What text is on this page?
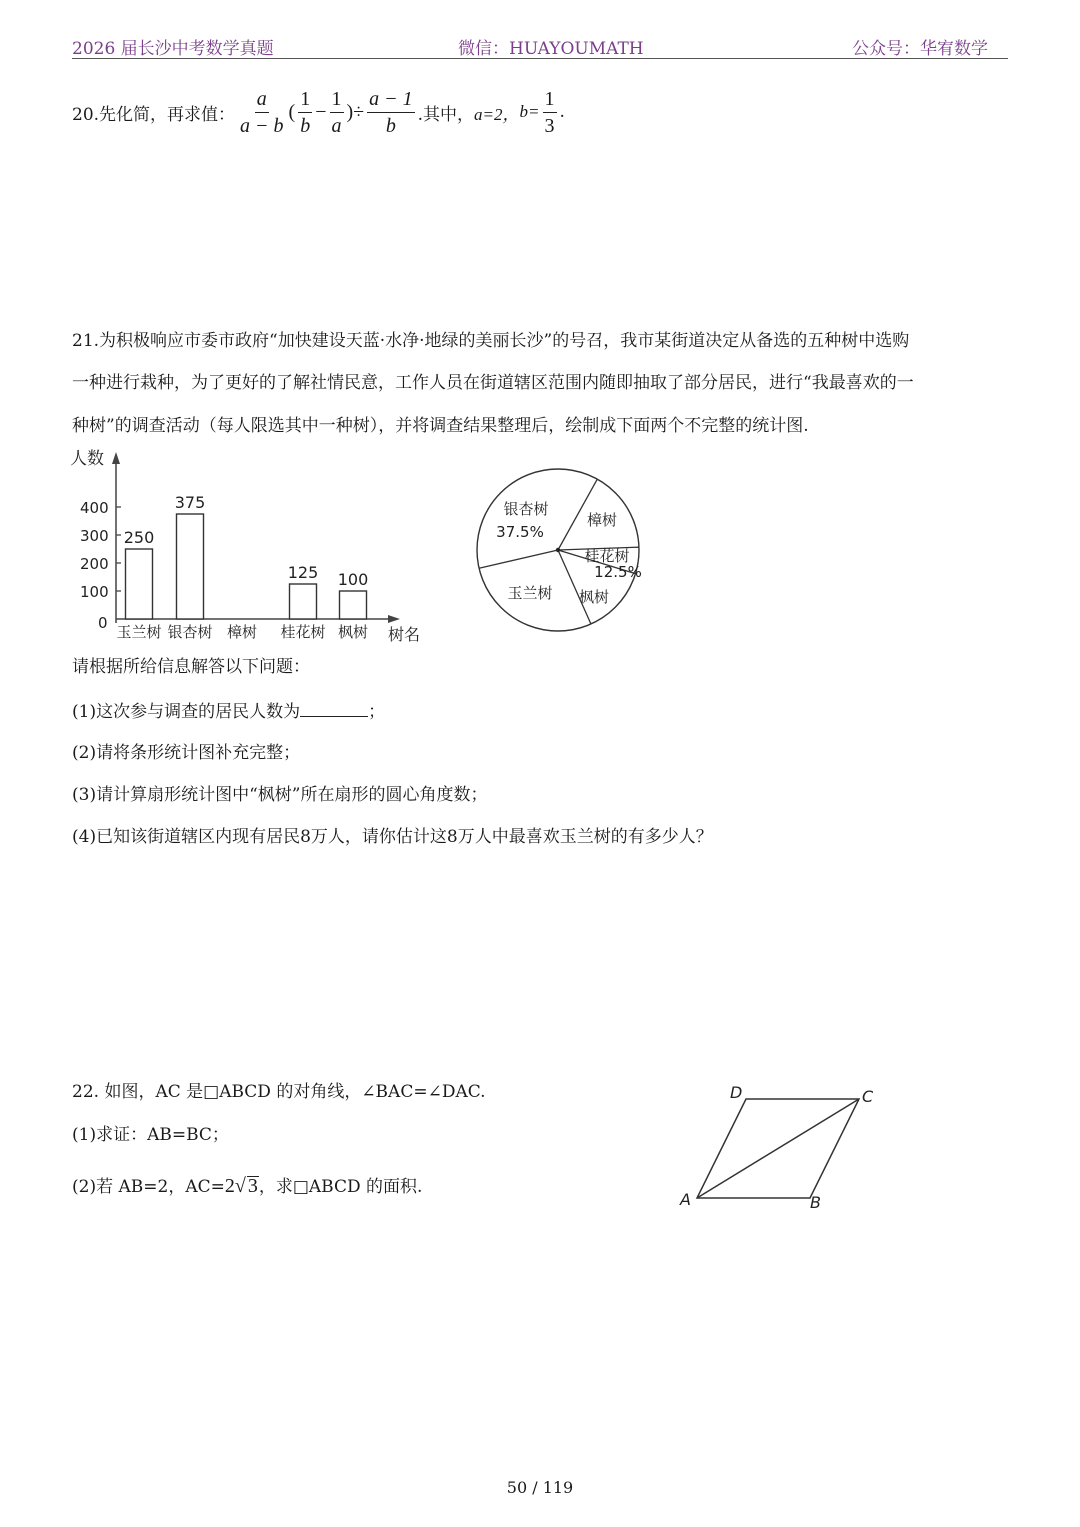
2026 届长沙中考数学真题	微信：HUAYOUMATH	公众号：华宥数学
20.先化简，再求值： $\frac{a}{a - b}$ ( $\frac{1}{b} - \frac{1}{a}$ )÷ $\frac{a - 1}{b}$ .其中， a=2， $b= \frac{1}{3}$ .
21.为积极响应市委市政府“加快建设天蓝·水净·地绿的美丽长沙”的号召，我市某街道决定从备选的五种树中选购
一种进行栽种，为了更好的了解社情民意，工作人员在街道辖区范围内随即抽取了部分居民，进行“我最喜欢的一
种树”的调查活动（每人限选其中一种树），并将调查结果整理后，绘制成下面两个不完整的统计图.
人数
树名
400
300
200
100
0
250
玉兰树
375
银杏树 樟树
125
桂花树
100
枫树
银杏树
37.5%
樟树
桂花树
12.5%
枫树
玉兰树
请根据所给信息解答以下问题：
(1)这次参与调查的居民人数为	；
(2)请将条形统计图补充完整；
(3)请计算扇形统计图中“枫树”所在扇形的圆心角度数；
(4)已知该街道辖区内现有居民8万人，请你估计这8万人中最喜欢玉兰树的有多少人？
22. 如图，AC 是□ABCD 的对角线，∠BAC=∠DAC.
(1)求证：AB=BC；
(2)若 AB=2，AC=2√ 3，求□ABCD 的面积.
A	B
C
D
50 / 119
